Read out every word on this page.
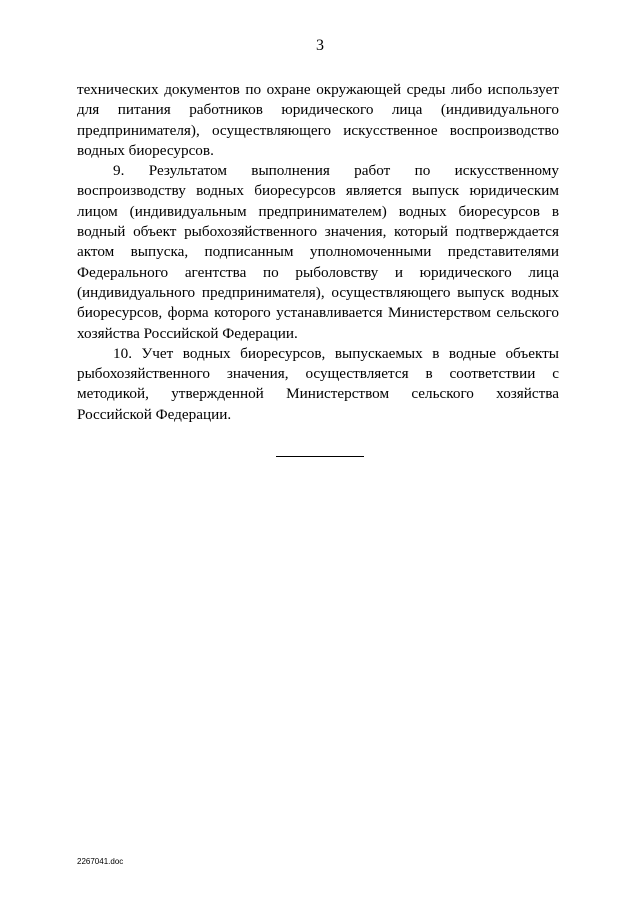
3

технических документов по охране окружающей среды либо использует для питания работников юридического лица (индивидуального предпринимателя), осуществляющего искусственное воспроизводство водных биоресурсов.

9. Результатом выполнения работ по искусственному воспроизводству водных биоресурсов является выпуск юридическим лицом (индивидуальным предпринимателем) водных биоресурсов в водный объект рыбохозяйственного значения, который подтверждается актом выпуска, подписанным уполномоченными представителями Федерального агентства по рыболовству и юридического лица (индивидуального предпринимателя), осуществляющего выпуск водных биоресурсов, форма которого устанавливается Министерством сельского хозяйства Российской Федерации.

10. Учет водных биоресурсов, выпускаемых в водные объекты рыбохозяйственного значения, осуществляется в соответствии с методикой, утвержденной Министерством сельского хозяйства Российской Федерации.

2267041.doc
